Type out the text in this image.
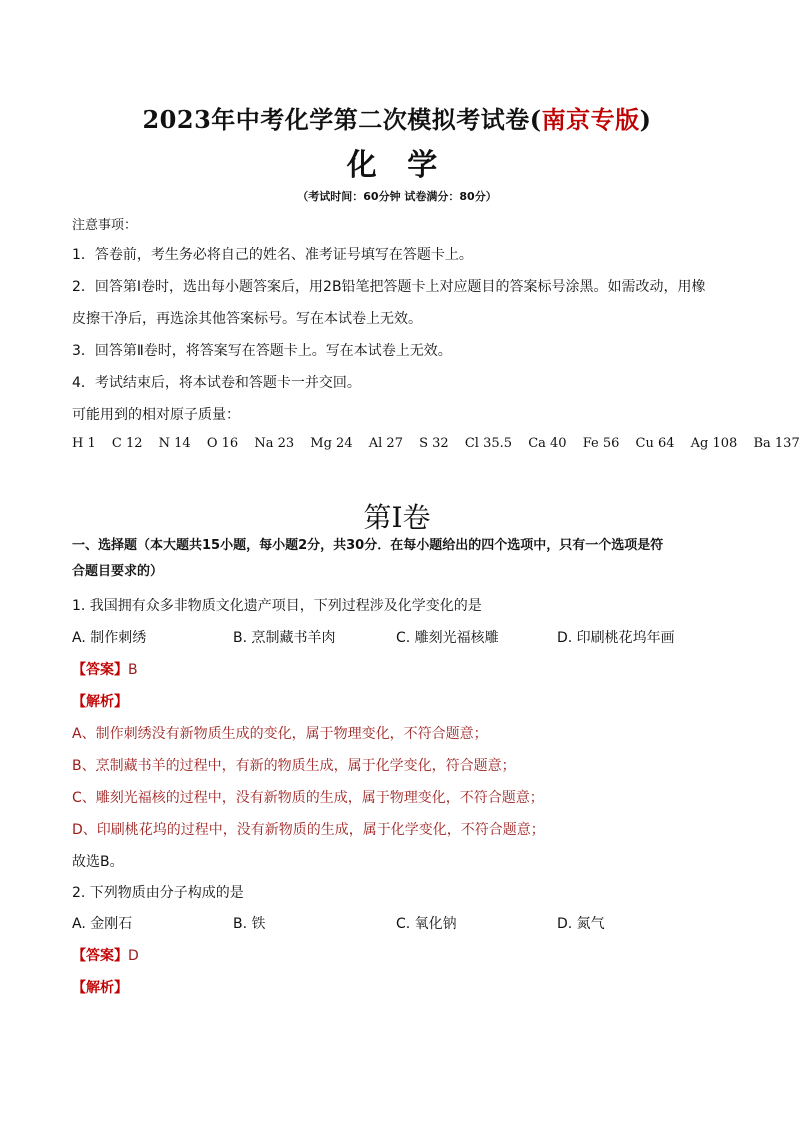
2023年中考化学第二次模拟考试卷(南京专版)
化 学
（考试时间：60分钟 试卷满分：80分）
注意事项：
1．答卷前，考生务必将自己的姓名、准考证号填写在答题卡上。
2．回答第Ⅰ卷时，选出每小题答案后，用2B铅笔把答题卡上对应题目的答案标号涂黑。如需改动，用橡
皮擦干净后，再选涂其他答案标号。写在本试卷上无效。
3．回答第Ⅱ卷时，将答案写在答题卡上。写在本试卷上无效。
4．考试结束后，将本试卷和答题卡一并交回。
可能用到的相对原子质量：
H 1 C 12 N 14 O 16 Na 23 Mg 24 Al 27 S 32 Cl 35.5 Ca 40 Fe 56 Cu 64 Ag 108 Ba 137
第Ⅰ卷
一、选择题（本大题共15小题，每小题2分，共30分．在每小题给出的四个选项中，只有一个选项是符
合题目要求的）
1. 我国拥有众多非物质文化遗产项目，下列过程涉及化学变化的是
A. 制作刺绣	B. 烹制藏书羊肉	C. 雕刻光福核雕	D. 印刷桃花坞年画
【答案】B
【解析】
A、制作刺绣没有新物质生成的变化，属于物理变化，不符合题意；
B、烹制藏书羊的过程中，有新的物质生成，属于化学变化，符合题意；
C、雕刻光福核的过程中，没有新物质的生成，属于物理变化，不符合题意；
D、印刷桃花坞的过程中，没有新物质的生成，属于化学变化，不符合题意；
故选B。
2. 下列物质由分子构成的是
A. 金刚石	B. 铁	C. 氧化钠	D. 氮气
【答案】D
【解析】
